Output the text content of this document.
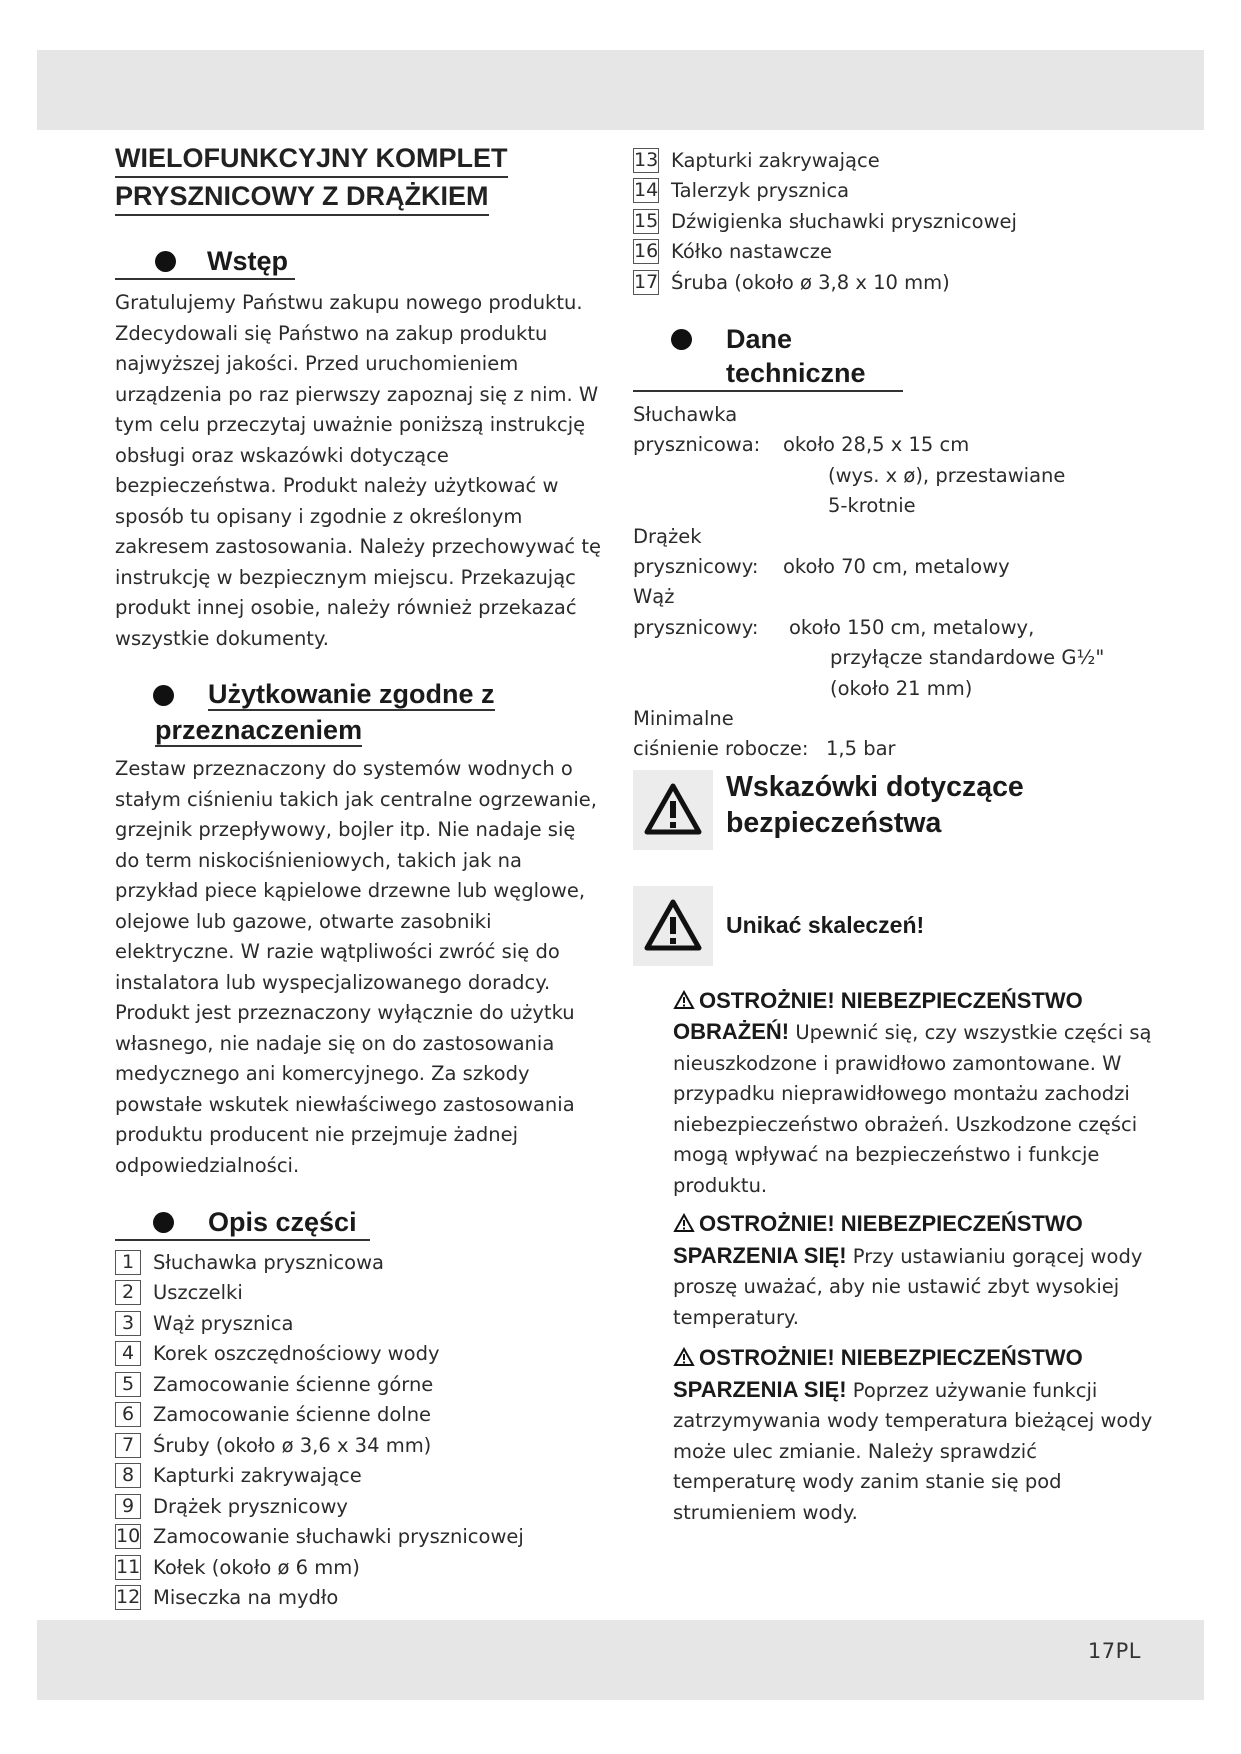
WIELOFUNKCYJNY KOMPLET
PRYSZNICOWY Z DRĄŻKIEM
Wstęp

Gratulujemy Państwu zakupu nowego produktu. Zdecydowali się Państwo na zakup produktu najwyższej jakości. Przed uruchomieniem urządzenia po raz pierwszy zapoznaj się z nim. W tym celu przeczytaj uważnie poniższą instrukcję obsługi oraz wskazówki dotyczące bezpieczeństwa. Produkt należy użytkować w sposób tu opisany i zgodnie z określonym zakresem zastosowania. Należy przechowywać tę instrukcję w bezpiecznym miejscu. Przekazując produkt innej osobie, należy również przekazać wszystkie dokumenty.

Użytkowanie zgodne z
przeznaczeniem

Zestaw przeznaczony do systemów wodnych o stałym ciśnieniu takich jak centralne ogrzewanie, grzejnik przepływowy, bojler itp. Nie nadaje się do term niskociśnieniowych, takich jak na przykład piece kąpielowe drzewne lub węglowe, olejowe lub gazowe, otwarte zasobniki elektryczne. W razie wątpliwości zwróć się do instalatora lub wyspecjalizowanego doradcy. Produkt jest przeznaczony wyłącznie do użytku własnego, nie nadaje się on do zastosowania medycznego ani komercyjnego. Za szkody powstałe wskutek niewłaściwego zastosowania produktu producent nie przejmuje żadnej odpowiedzialności.

Opis części
1 Słuchawka prysznicowa
2 Uszczelki
3 Wąż prysznica
4 Korek oszczędnościowy wody
5 Zamocowanie ścienne górne
6 Zamocowanie ścienne dolne
7 Śruby (około ø 3,6 x 34 mm)
8 Kapturki zakrywające
9 Drążek prysznicowy
10 Zamocowanie słuchawki prysznicowej
11 Kołek (około ø 6 mm)
12 Miseczka na mydło
13 Kapturki zakrywające
14 Talerzyk prysznica
15 Dźwigienka słuchawki prysznicowej
16 Kółko nastawcze
17 Śruba (około ø 3,8 x 10 mm)
Dane techniczne
Słuchawka
prysznicowa: około 28,5 x 15 cm
(wys. x ø), przestawiane
5-krotnie
Drążek
prysznicowy: około 70 cm, metalowy
Wąż
prysznicowy: około 150 cm, metalowy,
przyłącze standardowe G½"
(około 21 mm)
Minimalne
ciśnienie robocze: 1,5 bar
Wskazówki dotyczące
bezpieczeństwa
Unikać skaleczeń!

OSTROŻNIE! NIEBEZPIECZEŃSTWO OBRAŻEŃ! Upewnić się, czy wszystkie części są nieuszkodzone i prawidłowo zamontowane. W przypadku nieprawidłowego montażu zachodzi niebezpieczeństwo obrażeń. Uszkodzone części mogą wpływać na bezpieczeństwo i funkcje produktu.

OSTROŻNIE! NIEBEZPIECZEŃSTWO SPARZENIA SIĘ! Przy ustawianiu gorącej wody proszę uważać, aby nie ustawić zbyt wysokiej temperatury.

OSTROŻNIE! NIEBEZPIECZEŃSTWO SPARZENIA SIĘ! Poprzez używanie funkcji zatrzymywania wody temperatura bieżącej wody może ulec zmianie. Należy sprawdzić temperaturę wody zanim stanie się pod strumieniem wody.

17PL
